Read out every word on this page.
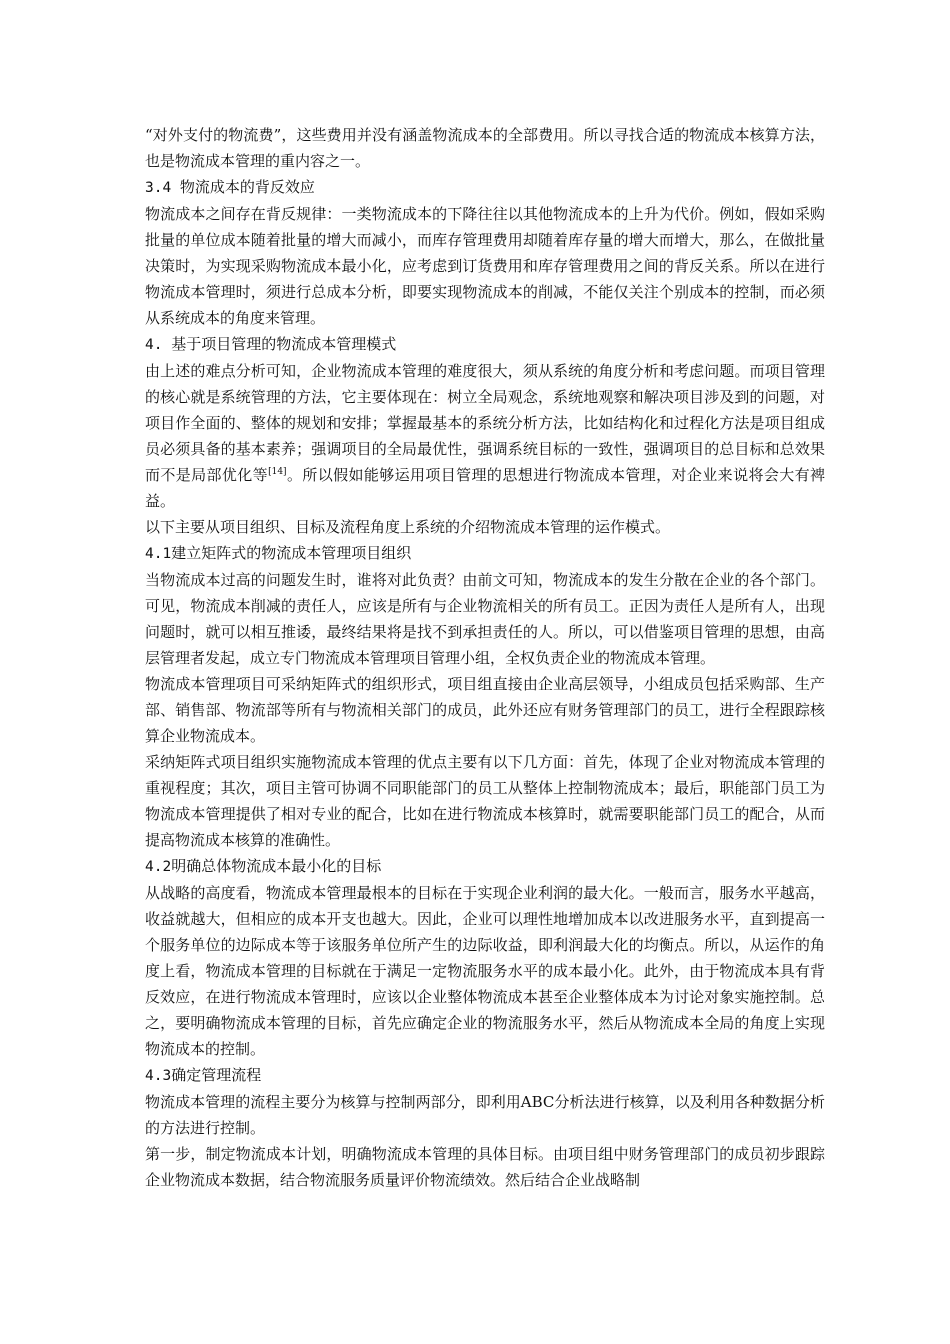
“对外支付的物流费”，这些费用并没有涵盖物流成本的全部费用。所以寻找合适的物流成本核算方法，也是物流成本管理的重内容之一。

3.4 物流成本的背反效应

物流成本之间存在背反规律：一类物流成本的下降往往以其他物流成本的上升为代价。例如，假如采购批量的单位成本随着批量的增大而减小，而库存管理费用却随着库存量的增大而增大，那么，在做批量决策时，为实现采购物流成本最小化，应考虑到订货费用和库存管理费用之间的背反关系。所以在进行物流成本管理时，须进行总成本分析，即要实现物流成本的削减，不能仅关注个别成本的控制，而必须从系统成本的角度来管理。

4. 基于项目管理的物流成本管理模式

由上述的难点分析可知，企业物流成本管理的难度很大，须从系统的角度分析和考虑问题。而项目管理的核心就是系统管理的方法，它主要体现在：树立全局观念，系统地观察和解决项目涉及到的问题，对项目作全面的、整体的规划和安排；掌握最基本的系统分析方法，比如结构化和过程化方法是项目组成员必须具备的基本素养；强调项目的全局最优性，强调系统目标的一致性，强调项目的总目标和总效果而不是局部优化等[14]。所以假如能够运用项目管理的思想进行物流成本管理，对企业来说将会大有裨益。

以下主要从项目组织、目标及流程角度上系统的介绍物流成本管理的运作模式。

4.1建立矩阵式的物流成本管理项目组织

当物流成本过高的问题发生时，谁将对此负责？由前文可知，物流成本的发生分散在企业的各个部门。可见，物流成本削减的责任人，应该是所有与企业物流相关的所有员工。正因为责任人是所有人，出现问题时，就可以相互推诿，最终结果将是找不到承担责任的人。所以，可以借鉴项目管理的思想，由高层管理者发起，成立专门物流成本管理项目管理小组，全权负责企业的物流成本管理。

物流成本管理项目可采纳矩阵式的组织形式，项目组直接由企业高层领导，小组成员包括采购部、生产部、销售部、物流部等所有与物流相关部门的成员，此外还应有财务管理部门的员工，进行全程跟踪核算企业物流成本。

采纳矩阵式项目组织实施物流成本管理的优点主要有以下几方面：首先，体现了企业对物流成本管理的重视程度；其次，项目主管可协调不同职能部门的员工从整体上控制物流成本；最后，职能部门员工为物流成本管理提供了相对专业的配合，比如在进行物流成本核算时，就需要职能部门员工的配合，从而提高物流成本核算的准确性。

4.2明确总体物流成本最小化的目标

从战略的高度看，物流成本管理最根本的目标在于实现企业利润的最大化。一般而言，服务水平越高，收益就越大，但相应的成本开支也越大。因此，企业可以理性地增加成本以改进服务水平，直到提高一个服务单位的边际成本等于该服务单位所产生的边际收益，即利润最大化的均衡点。所以，从运作的角度上看，物流成本管理的目标就在于满足一定物流服务水平的成本最小化。此外，由于物流成本具有背反效应，在进行物流成本管理时，应该以企业整体物流成本甚至企业整体成本为讨论对象实施控制。总之，要明确物流成本管理的目标，首先应确定企业的物流服务水平，然后从物流成本全局的角度上实现物流成本的控制。

4.3确定管理流程

物流成本管理的流程主要分为核算与控制两部分，即利用ABC分析法进行核算，以及利用各种数据分析的方法进行控制。

第一步，制定物流成本计划，明确物流成本管理的具体目标。由项目组中财务管理部门的成员初步跟踪企业物流成本数据，结合物流服务质量评价物流绩效。然后结合企业战略制
